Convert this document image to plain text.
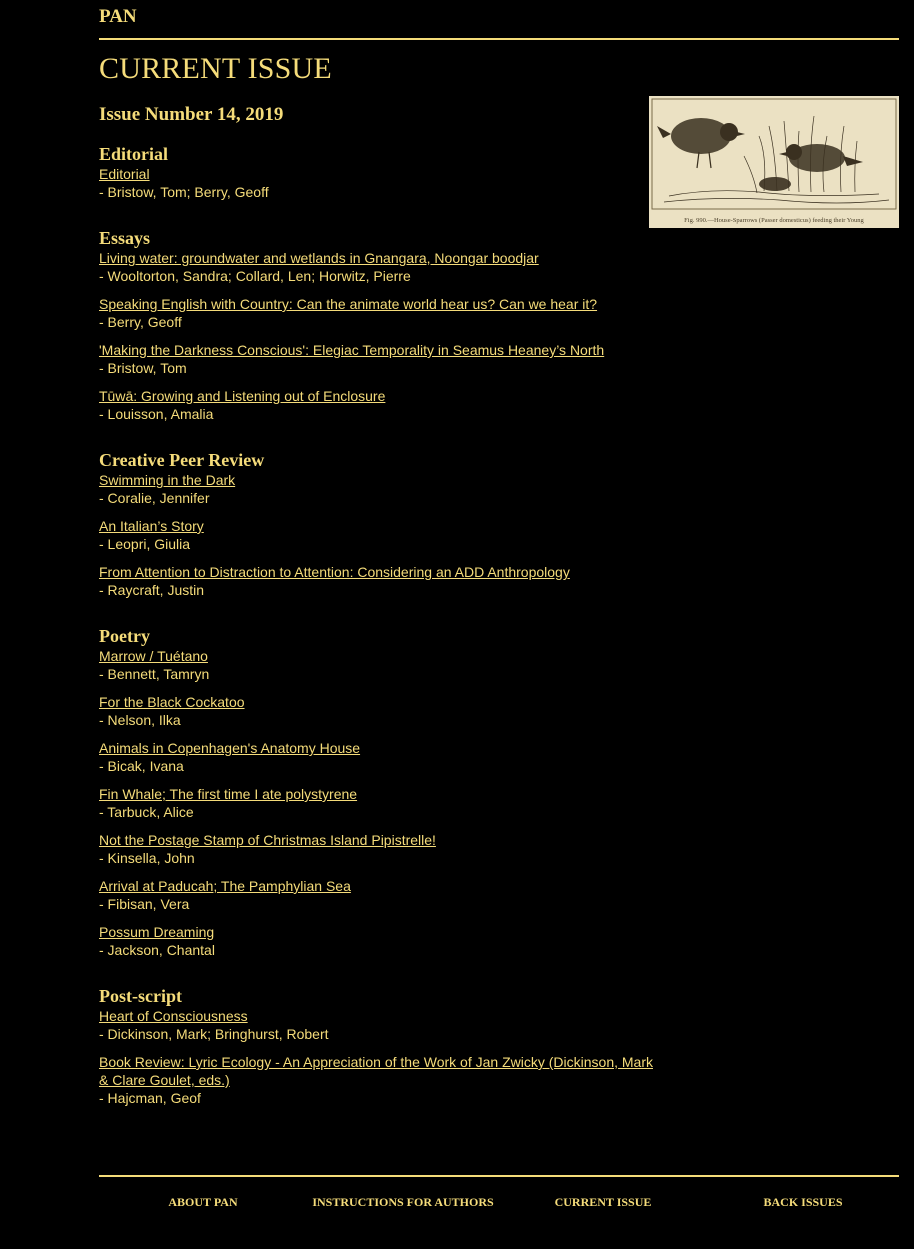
PAN
CURRENT ISSUE
Issue Number 14, 2019
Fig. 990.—House-Sparrows (Passer domesticus) feeding their Young
Editorial
Editorial
- Bristow, Tom; Berry, Geoff
Essays
Living water: groundwater and wetlands in Gnangara, Noongar boodjar
- Wooltorton, Sandra; Collard, Len; Horwitz, Pierre
Speaking English with Country: Can the animate world hear us? Can we hear it?
- Berry, Geoff
'Making the Darkness Conscious': Elegiac Temporality in Seamus Heaney’s North
- Bristow, Tom
Tūwā: Growing and Listening out of Enclosure
- Louisson, Amalia
Creative Peer Review
Swimming in the Dark
- Coralie, Jennifer
An Italian’s Story
- Leopri, Giulia
From Attention to Distraction to Attention: Considering an ADD Anthropology
- Raycraft, Justin
Poetry
Marrow / Tuétano
- Bennett, Tamryn
For the Black Cockatoo
- Nelson, Ilka
Animals in Copenhagen's Anatomy House
- Bicak, Ivana
Fin Whale; The first time I ate polystyrene
- Tarbuck, Alice
Not the Postage Stamp of Christmas Island Pipistrelle!
- Kinsella, John
Arrival at Paducah; The Pamphylian Sea
- Fibisan, Vera
Possum Dreaming
- Jackson, Chantal
Post-script
Heart of Consciousness
- Dickinson, Mark; Bringhurst, Robert
Book Review: Lyric Ecology - An Appreciation of the Work of Jan Zwicky (Dickinson, Mark & Clare Goulet, eds.)
- Hajcman, Geof
ABOUT PAN	INSTRUCTIONS FOR AUTHORS	CURRENT ISSUE	BACK ISSUES
